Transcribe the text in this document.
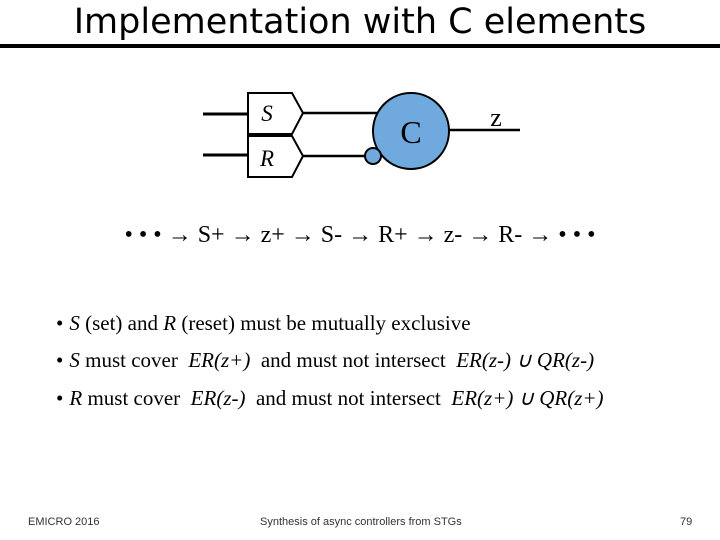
Implementation with C elements
S
R
C	z
• • • → S+ → z+ → S- → R+ → z- → R- → • • •
• S (set) and R (reset) must be mutually exclusive
• S must cover  ER(z+)  and must not intersect  ER(z-) ∪ QR(z-)
• R must cover  ER(z-)  and must not intersect  ER(z+) ∪ QR(z+)
EMICRO 2016	Synthesis of async controllers from STGs	79
